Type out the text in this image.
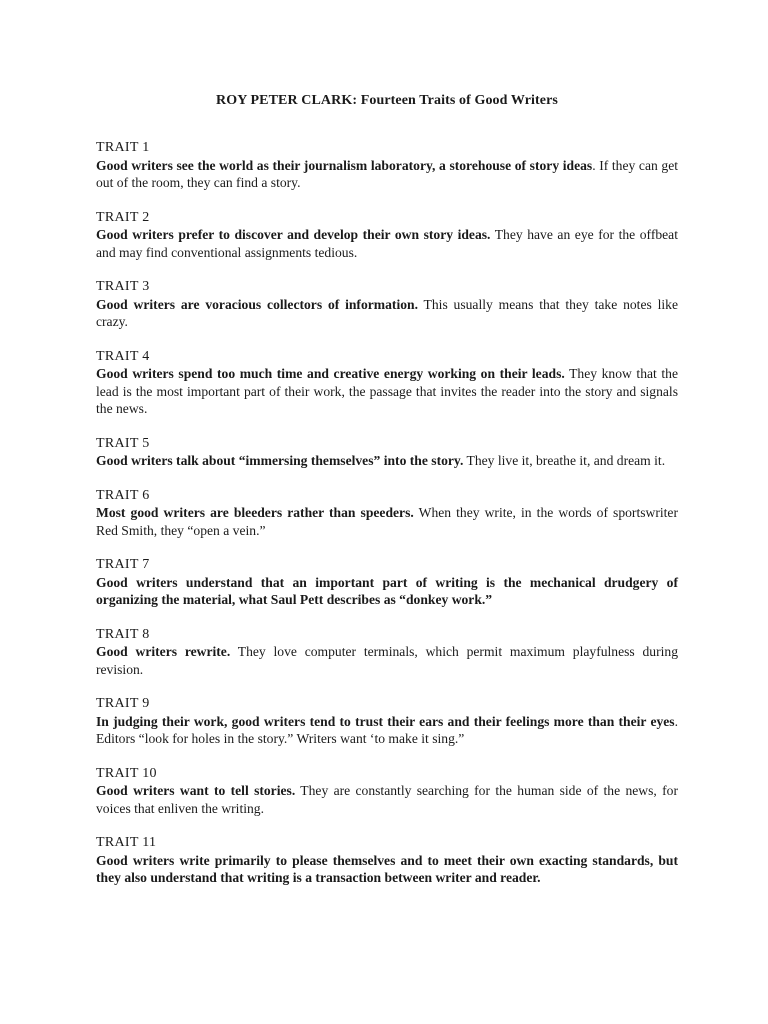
ROY PETER CLARK: Fourteen Traits of Good Writers
TRAIT 1

Good writers see the world as their journalism laboratory, a storehouse of story ideas. If they can get out of the room, they can find a story.

TRAIT 2

Good writers prefer to discover and develop their own story ideas. They have an eye for the offbeat and may find conventional assignments tedious.

TRAIT 3

Good writers are voracious collectors of information. This usually means that they take notes like crazy.

TRAIT 4

Good writers spend too much time and creative energy working on their leads. They know that the lead is the most important part of their work, the passage that invites the reader into the story and signals the news.

TRAIT 5

Good writers talk about “immersing themselves” into the story. They live it, breathe it, and dream it.

TRAIT 6

Most good writers are bleeders rather than speeders. When they write, in the words of sportswriter Red Smith, they “open a vein.”

TRAIT 7

Good writers understand that an important part of writing is the mechanical drudgery of organizing the material, what Saul Pett describes as “donkey work.”

TRAIT 8

Good writers rewrite. They love computer terminals, which permit maximum playfulness during revision.

TRAIT 9

In judging their work, good writers tend to trust their ears and their feelings more than their eyes. Editors “look for holes in the story.” Writers want ‘to make it sing.”

TRAIT 10

Good writers want to tell stories. They are constantly searching for the human side of the news, for voices that enliven the writing.

TRAIT 11

Good writers write primarily to please themselves and to meet their own exacting standards, but they also understand that writing is a transaction between writer and reader.
